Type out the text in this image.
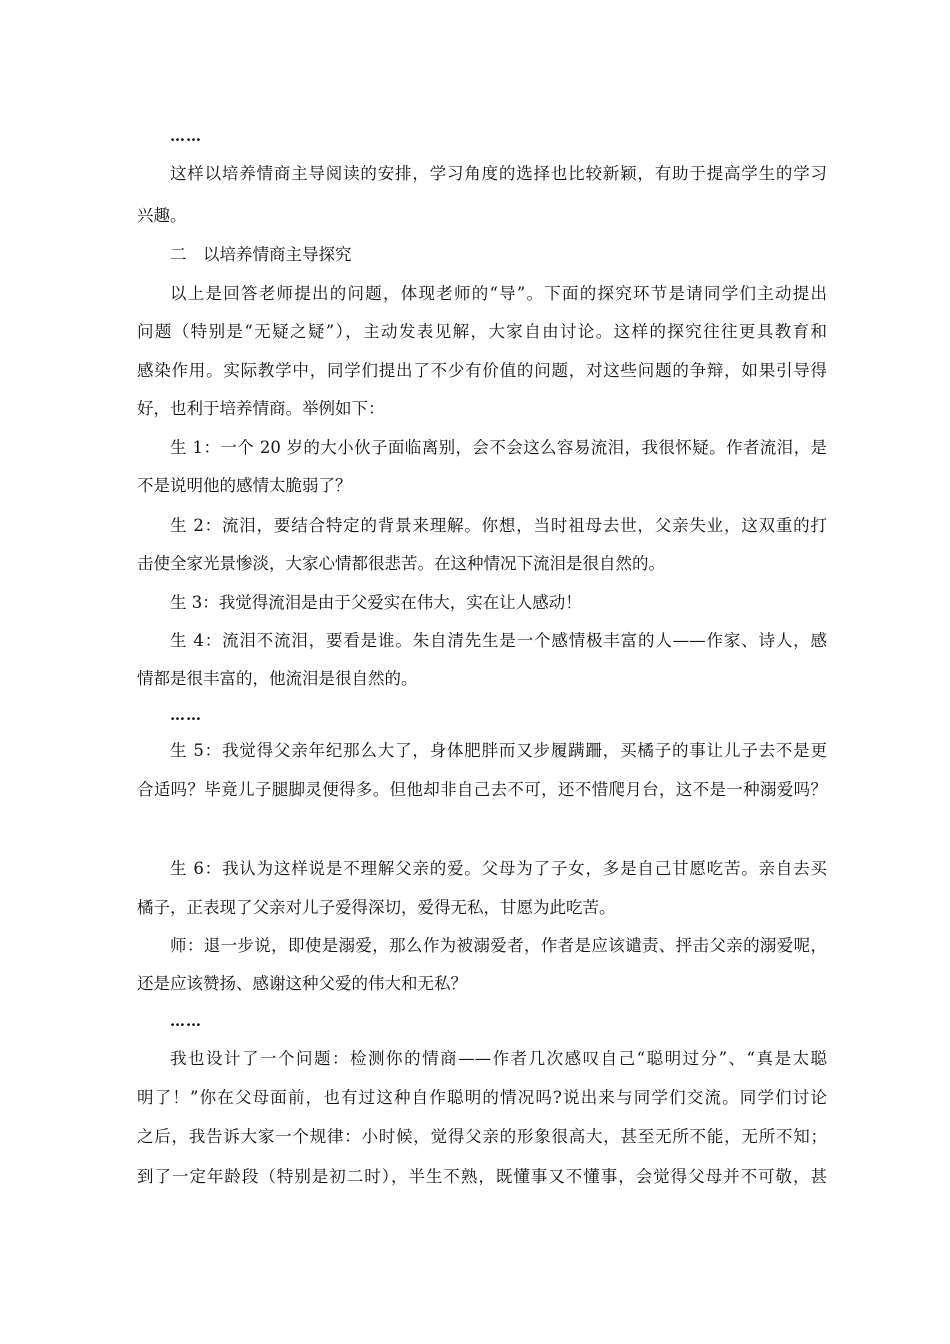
……
这样以培养情商主导阅读的安排，学习角度的选择也比较新颖，有助于提高学生的学习
兴趣。
二　以培养情商主导探究
以上是回答老师提出的问题，体现老师的“导”。下面的探究环节是请同学们主动提出
问题（特别是“无疑之疑”），主动发表见解，大家自由讨论。这样的探究往往更具教育和
感染作用。实际教学中，同学们提出了不少有价值的问题，对这些问题的争辩，如果引导得
好，也利于培养情商。举例如下：
生 1：一个 20 岁的大小伙子面临离别，会不会这么容易流泪，我很怀疑。作者流泪，是
不是说明他的感情太脆弱了？
生 2：流泪，要结合特定的背景来理解。你想，当时祖母去世，父亲失业，这双重的打
击使全家光景惨淡，大家心情都很悲苦。在这种情况下流泪是很自然的。
生 3：我觉得流泪是由于父爱实在伟大，实在让人感动！
生 4：流泪不流泪，要看是谁。朱自清先生是一个感情极丰富的人——作家、诗人，感
情都是很丰富的，他流泪是很自然的。
……
生 5：我觉得父亲年纪那么大了，身体肥胖而又步履蹒跚，买橘子的事让儿子去不是更
合适吗？毕竟儿子腿脚灵便得多。但他却非自己去不可，还不惜爬月台，这不是一种溺爱吗？
生 6：我认为这样说是不理解父亲的爱。父母为了子女，多是自己甘愿吃苦。亲自去买
橘子，正表现了父亲对儿子爱得深切，爱得无私，甘愿为此吃苦。
师：退一步说，即使是溺爱，那么作为被溺爱者，作者是应该谴责、抨击父亲的溺爱呢，
还是应该赞扬、感谢这种父爱的伟大和无私？
……
我也设计了一个问题：检测你的情商——作者几次感叹自己“聪明过分”、“真是太聪
明了！”你在父母面前，也有过这种自作聪明的情况吗?说出来与同学们交流。同学们讨论
之后，我告诉大家一个规律：小时候，觉得父亲的形象很高大，甚至无所不能，无所不知；
到了一定年龄段（特别是初二时），半生不熟，既懂事又不懂事，会觉得父母并不可敬，甚
